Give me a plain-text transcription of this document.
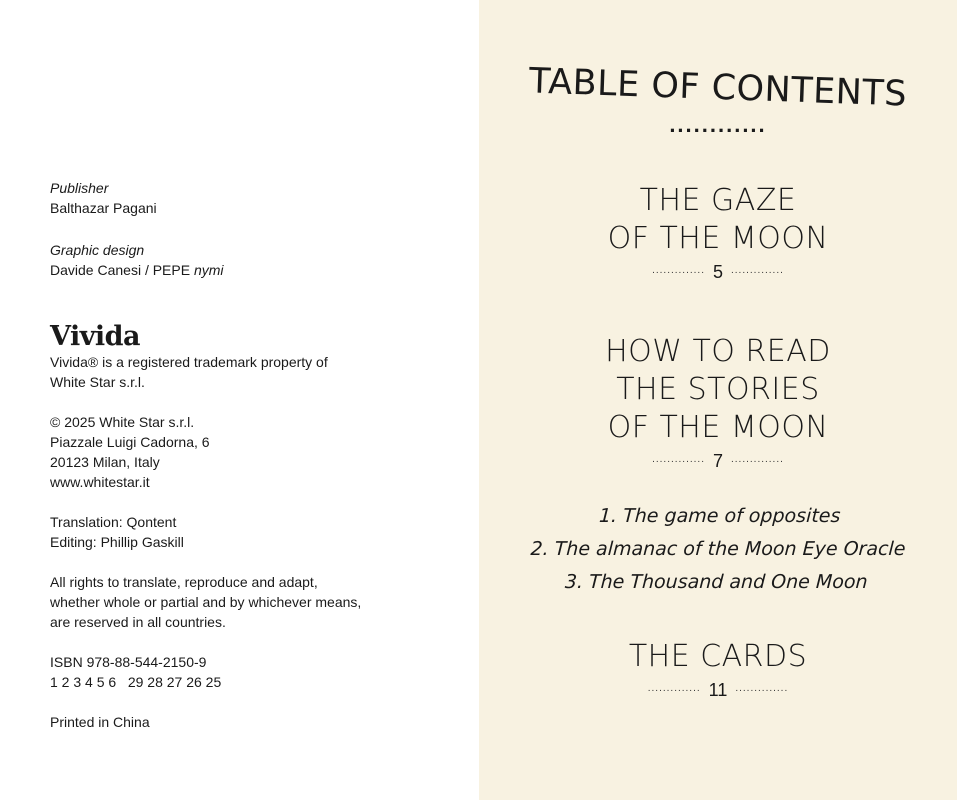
Publisher

Balthazar Pagani

Graphic design

Davide Canesi / PEPE nymi

Vivida

Vivida® is a registered trademark property of

White Star s.r.l.

© 2025 White Star s.r.l.

Piazzale Luigi Cadorna, 6

20123 Milan, Italy

www.whitestar.it

Translation: Qontent

Editing: Phillip Gaskill

All rights to translate, reproduce and adapt,

whether whole or partial and by whichever means,

are reserved in all countries.

ISBN 978-88-544-2150-9

1 2 3 4 5 6   29 28 27 26 25

Printed in China

TABLE OF CONTENTS
............
THE GAZE
OF THE MOON
.............. 5 ..............
HOW TO READ
THE STORIES
OF THE MOON
.............. 7 ..............
1. The game of opposites
2. The almanac of the Moon Eye Oracle
3. The Thousand and One Moon
THE CARDS
.............. 11 ..............
